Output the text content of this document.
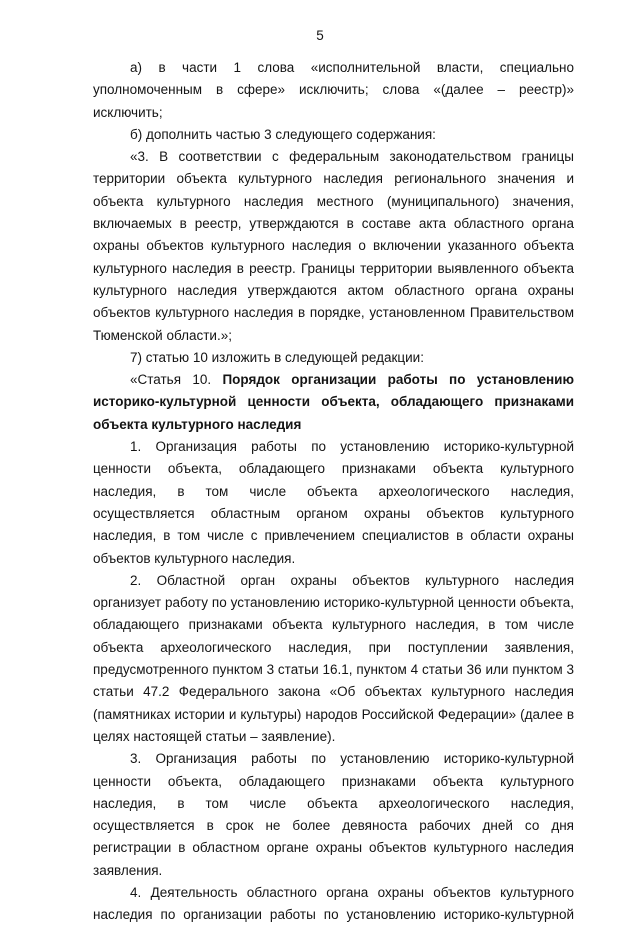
5

а) в части 1 слова «исполнительной власти, специально уполномоченным в сфере» исключить; слова «(далее – реестр)» исключить;

б) дополнить частью 3 следующего содержания:

«3. В соответствии с федеральным законодательством границы территории объекта культурного наследия регионального значения и объекта культурного наследия местного (муниципального) значения, включаемых в реестр, утверждаются в составе акта областного органа охраны объектов культурного наследия о включении указанного объекта культурного наследия в реестр. Границы территории выявленного объекта культурного наследия утверждаются актом областного органа охраны объектов культурного наследия в порядке, установленном Правительством Тюменской области.»;

7) статью 10 изложить в следующей редакции:

«Статья 10. Порядок организации работы по установлению историко-культурной ценности объекта, обладающего признаками объекта культурного наследия

1. Организация работы по установлению историко-культурной ценности объекта, обладающего признаками объекта культурного наследия, в том числе объекта археологического наследия, осуществляется областным органом охраны объектов культурного наследия, в том числе с привлечением специалистов в области охраны объектов культурного наследия.

2. Областной орган охраны объектов культурного наследия организует работу по установлению историко-культурной ценности объекта, обладающего признаками объекта культурного наследия, в том числе объекта археологического наследия, при поступлении заявления, предусмотренного пунктом 3 статьи 16.1, пунктом 4 статьи 36 или пунктом 3 статьи 47.2 Федерального закона «Об объектах культурного наследия (памятниках истории и культуры) народов Российской Федерации» (далее в целях настоящей статьи – заявление).

3. Организация работы по установлению историко-культурной ценности объекта, обладающего признаками объекта культурного наследия, в том числе объекта археологического наследия, осуществляется в срок не более девяноста рабочих дней со дня регистрации в областном органе охраны объектов культурного наследия заявления.

4. Деятельность областного органа охраны объектов культурного наследия по организации работы по установлению историко-культурной
